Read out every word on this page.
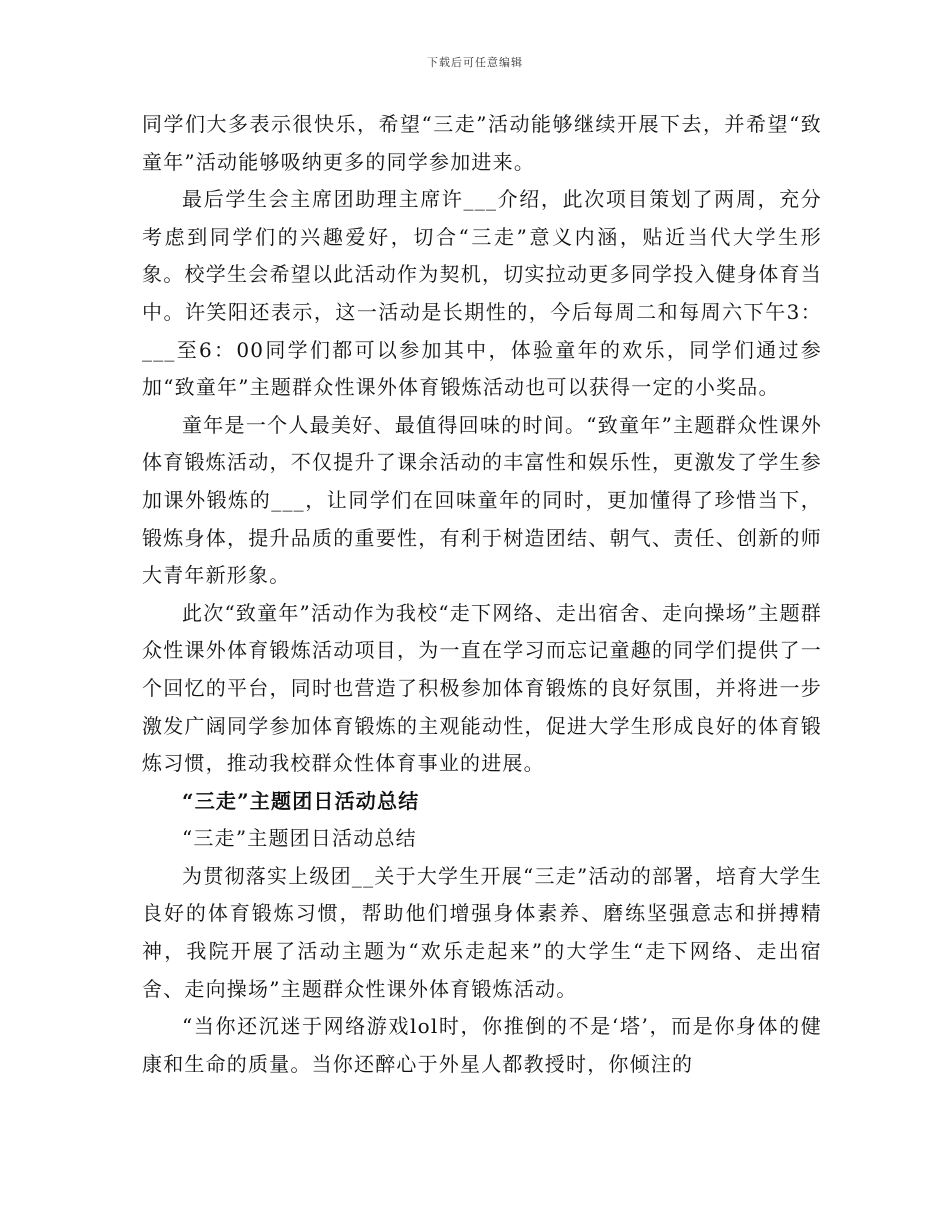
下载后可任意编辑

同学们大多表示很快乐，希望“三走”活动能够继续开展下去，并希望“致童年”活动能够吸纳更多的同学参加进来。

最后学生会主席团助理主席许___介绍，此次项目策划了两周，充分考虑到同学们的兴趣爱好，切合“三走”意义内涵，贴近当代大学生形象。校学生会希望以此活动作为契机，切实拉动更多同学投入健身体育当中。许笑阳还表示，这一活动是长期性的，今后每周二和每周六下午3：___至6：00同学们都可以参加其中，体验童年的欢乐，同学们通过参加“致童年”主题群众性课外体育锻炼活动也可以获得一定的小奖品。

童年是一个人最美好、最值得回味的时间。“致童年”主题群众性课外体育锻炼活动，不仅提升了课余活动的丰富性和娱乐性，更激发了学生参加课外锻炼的___，让同学们在回味童年的同时，更加懂得了珍惜当下，锻炼身体，提升品质的重要性，有利于树造团结、朝气、责任、创新的师大青年新形象。

此次“致童年”活动作为我校“走下网络、走出宿舍、走向操场”主题群众性课外体育锻炼活动项目，为一直在学习而忘记童趣的同学们提供了一个回忆的平台，同时也营造了积极参加体育锻炼的良好氛围，并将进一步激发广阔同学参加体育锻炼的主观能动性，促进大学生形成良好的体育锻炼习惯，推动我校群众性体育事业的进展。

“三走”主题团日活动总结

“三走”主题团日活动总结

为贯彻落实上级团__关于大学生开展“三走”活动的部署，培育大学生良好的体育锻炼习惯，帮助他们增强身体素养、磨练坚强意志和拼搏精神，我院开展了活动主题为“欢乐走起来”的大学生“走下网络、走出宿舍、走向操场”主题群众性课外体育锻炼活动。

“当你还沉迷于网络游戏lol时，你推倒的不是‘塔’，而是你身体的健康和生命的质量。当你还醉心于外星人都教授时，你倾注的
